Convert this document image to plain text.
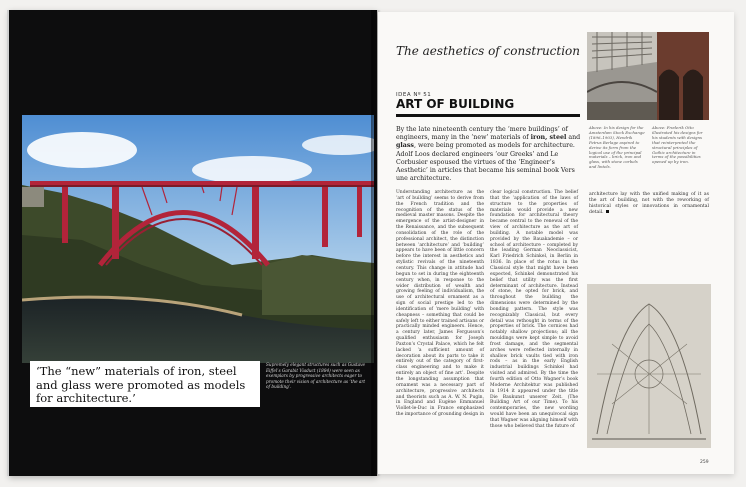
‘The “new” materials of iron, steel and glass were promoted as models for architecture.’
Supremely elegant structures such as Gustave Eiffel’s Garabit Viaduct (1884) were seen as exemplars by progressive architects eager to promote their vision of architecture as ‘the art of building’.
The aesthetics of construction
IDEA Nº 51
ART OF BUILDING
By the late nineteenth century the ‘mere buildings’ of engineers, many in the ‘new’ materials of iron, steel and glass, were being promoted as models for architecture. Adolf Loos declared engineers ‘our Greeks’ and Le Corbusier espoused the virtues of the ‘Engineer’s Aesthetic’ in articles that became his seminal book Vers une architecture.
Understanding architecture as the ‘art of building’ seems to derive from the French tradition and the recognition of the status of the medieval master masons. Despite the emergence of the artist-designer in the Renaissance, and the subsequent consolidation of the role of the professional architect, the distinction between ‘architecture’ and ‘building’ appears to have been of little concern before the interest in aesthetics and stylistic revivals of the nineteenth century. This change in attitude had begun to set in during the eighteenth century when, in response to the wider distribution of wealth and growing feeling of individualism, the use of architectural ornament as a sign of social prestige led to the identification of ‘mere building’ with cheapness – something that could be safely left to either trained artisans or practically minded engineers. Hence, a century later, James Fergusson’s qualified enthusiasm for Joseph Paxton’s Crystal Palace, which he felt lacked ‘a sufficient amount of decoration about its parts to take it entirely out of the category of first-class engineering and to make it entirely an object of fine art’. Despite the longstanding assumption that ornament was a necessary part of architecture, progressive architects and theorists such as A. W. N. Pugin, in England and Eugène Emmanuel Viollet-le-Duc in France emphasized the importance of grounding design in
clear logical construction. The belief that the ‘application of the laws of structure to the properties of materials would provide a new foundation for architectural theory became central to the renewal of the view of architecture as the art of building. A notable model was provided by the Bauakademie – or school of architecture – completed by the leading German Neoclassicist, Karl Friedrich Schinkel, in Berlin in 1836. In place of the rotus in the Classical style that might have been expected, Schinkel demonstrated his belief that utility was the first determinant of architecture. Instead of stone, he opted for brick, and throughout the building the dimensions were determined by the bonding pattern. The style was recognizably Classical, but every detail was rethought in terms of the properties of brick. The cornices had notably shallow projections; all the mouldings were kept simple to avoid frost damage, and the segmental arches were reflected internally in shallow brick vaults tied with iron rods – as in the early English industrial buildings Schinkel had visited and admired. By the time the fourth edition of Otto Wagner’s book Moderne Architektur was published in 1914 it appeared under the title Die Baukunst unserer Zeit. (The Building Art of our Time). To his contemporaries, the new wording would have been an unequivocal sign that Wagner was aligning himself with those who believed that the future of
architecture lay with the unified making of it as the art of building, not with the reworking of historical styles or innovations in ornamental detail.
Above: In his design for the Amsterdam Stock Exchange (1896–1903), Hendrik Petrus Berlage aspired to derive its form from the logical use of the principal materials – brick, iron and glass, with stone corbels and lintels.
Above: Frederik Otto illustrated his designs for his students with designs that reinterpreted the structural principles of Gothic architecture in terms of the possibilities opened up by iron.
259
